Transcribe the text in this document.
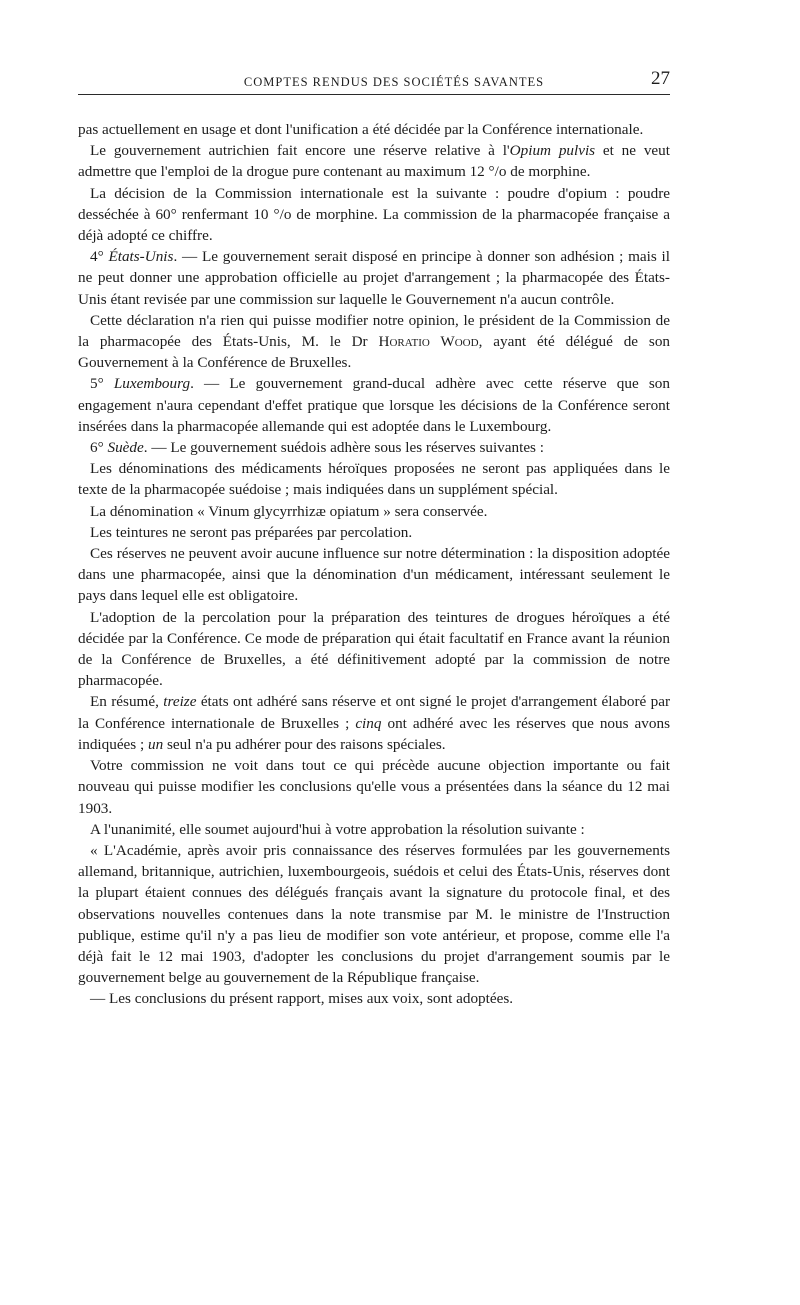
COMPTES RENDUS DES SOCIÉTÉS SAVANTES	27

pas actuellement en usage et dont l'unification a été décidée par la Conférence internationale.

Le gouvernement autrichien fait encore une réserve relative à l'Opium pulvis et ne veut admettre que l'emploi de la drogue pure contenant au maximum 12 °/o de morphine.

La décision de la Commission internationale est la suivante : poudre d'opium : poudre desséchée à 60° renfermant 10 °/o de morphine. La commission de la pharmacopée française a déjà adopté ce chiffre.

4° États-Unis. — Le gouvernement serait disposé en principe à donner son adhésion ; mais il ne peut donner une approbation officielle au projet d'arrangement ; la pharmacopée des États-Unis étant revisée par une commission sur laquelle le Gouvernement n'a aucun contrôle.

Cette déclaration n'a rien qui puisse modifier notre opinion, le président de la Commission de la pharmacopée des États-Unis, M. le Dr Horatio Wood, ayant été délégué de son Gouvernement à la Conférence de Bruxelles.

5° Luxembourg. — Le gouvernement grand-ducal adhère avec cette réserve que son engagement n'aura cependant d'effet pratique que lorsque les décisions de la Conférence seront insérées dans la pharmacopée allemande qui est adoptée dans le Luxembourg.

6° Suède. — Le gouvernement suédois adhère sous les réserves suivantes :

Les dénominations des médicaments héroïques proposées ne seront pas appliquées dans le texte de la pharmacopée suédoise ; mais indiquées dans un supplément spécial.

La dénomination « Vinum glycyrrhizæ opiatum » sera conservée.

Les teintures ne seront pas préparées par percolation.

Ces réserves ne peuvent avoir aucune influence sur notre détermination : la disposition adoptée dans une pharmacopée, ainsi que la dénomination d'un médicament, intéressant seulement le pays dans lequel elle est obligatoire.

L'adoption de la percolation pour la préparation des teintures de drogues héroïques a été décidée par la Conférence. Ce mode de préparation qui était facultatif en France avant la réunion de la Conférence de Bruxelles, a été définitivement adopté par la commission de notre pharmacopée.

En résumé, treize états ont adhéré sans réserve et ont signé le projet d'arrangement élaboré par la Conférence internationale de Bruxelles ; cinq ont adhéré avec les réserves que nous avons indiquées ; un seul n'a pu adhérer pour des raisons spéciales.

Votre commission ne voit dans tout ce qui précède aucune objection importante ou fait nouveau qui puisse modifier les conclusions qu'elle vous a présentées dans la séance du 12 mai 1903.

A l'unanimité, elle soumet aujourd'hui à votre approbation la résolution suivante :

« L'Académie, après avoir pris connaissance des réserves formulées par les gouvernements allemand, britannique, autrichien, luxembourgeois, suédois et celui des États-Unis, réserves dont la plupart étaient connues des délégués français avant la signature du protocole final, et des observations nouvelles contenues dans la note transmise par M. le ministre de l'Instruction publique, estime qu'il n'y a pas lieu de modifier son vote antérieur, et propose, comme elle l'a déjà fait le 12 mai 1903, d'adopter les conclusions du projet d'arrangement soumis par le gouvernement belge au gouvernement de la République française.

— Les conclusions du présent rapport, mises aux voix, sont adoptées.
